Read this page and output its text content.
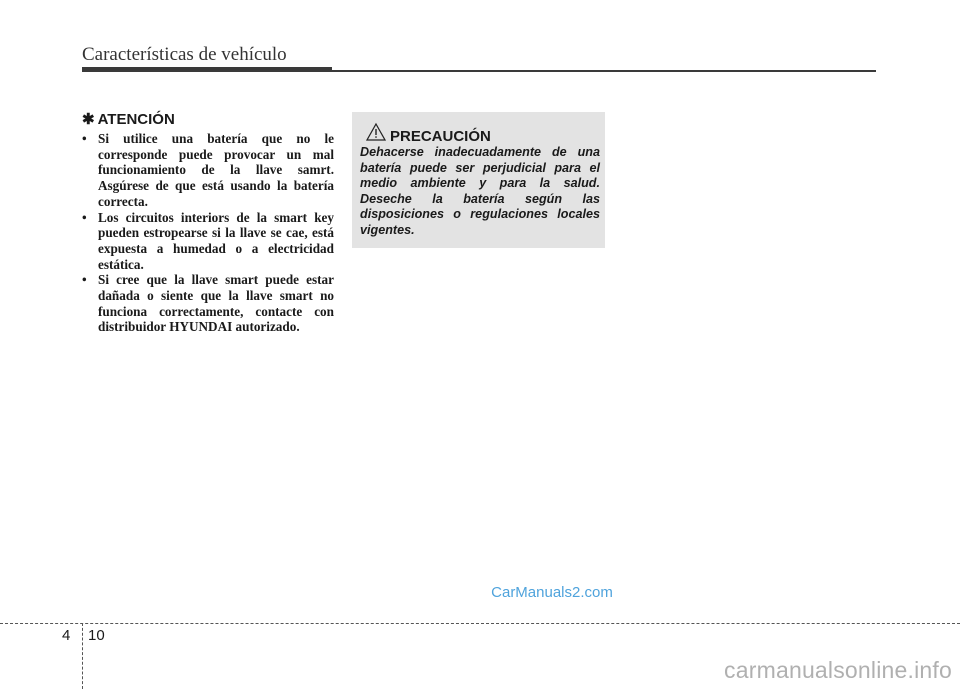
Características de vehículo
✱ ATENCIÓN
• Si utilice una batería que no le corresponde puede provocar un mal funcionamiento de la llave samrt. Asgúrese de que está usando la batería correcta.
• Los circuitos interiors de la smart key pueden estropearse si la llave se cae, está expuesta a humedad o a electricidad estática.
• Si cree que la llave smart puede estar dañada o siente que la llave smart no funciona correctamente, contacte con distribuidor HYUNDAI autorizado.
PRECAUCIÓN
Dehacerse inadecuadamente de una batería puede ser perjudicial para el medio ambiente y para la salud. Deseche la batería según las disposiciones o regulaciones locales vigentes.
CarManuals2.com
4 10
carmanualsonline.info
